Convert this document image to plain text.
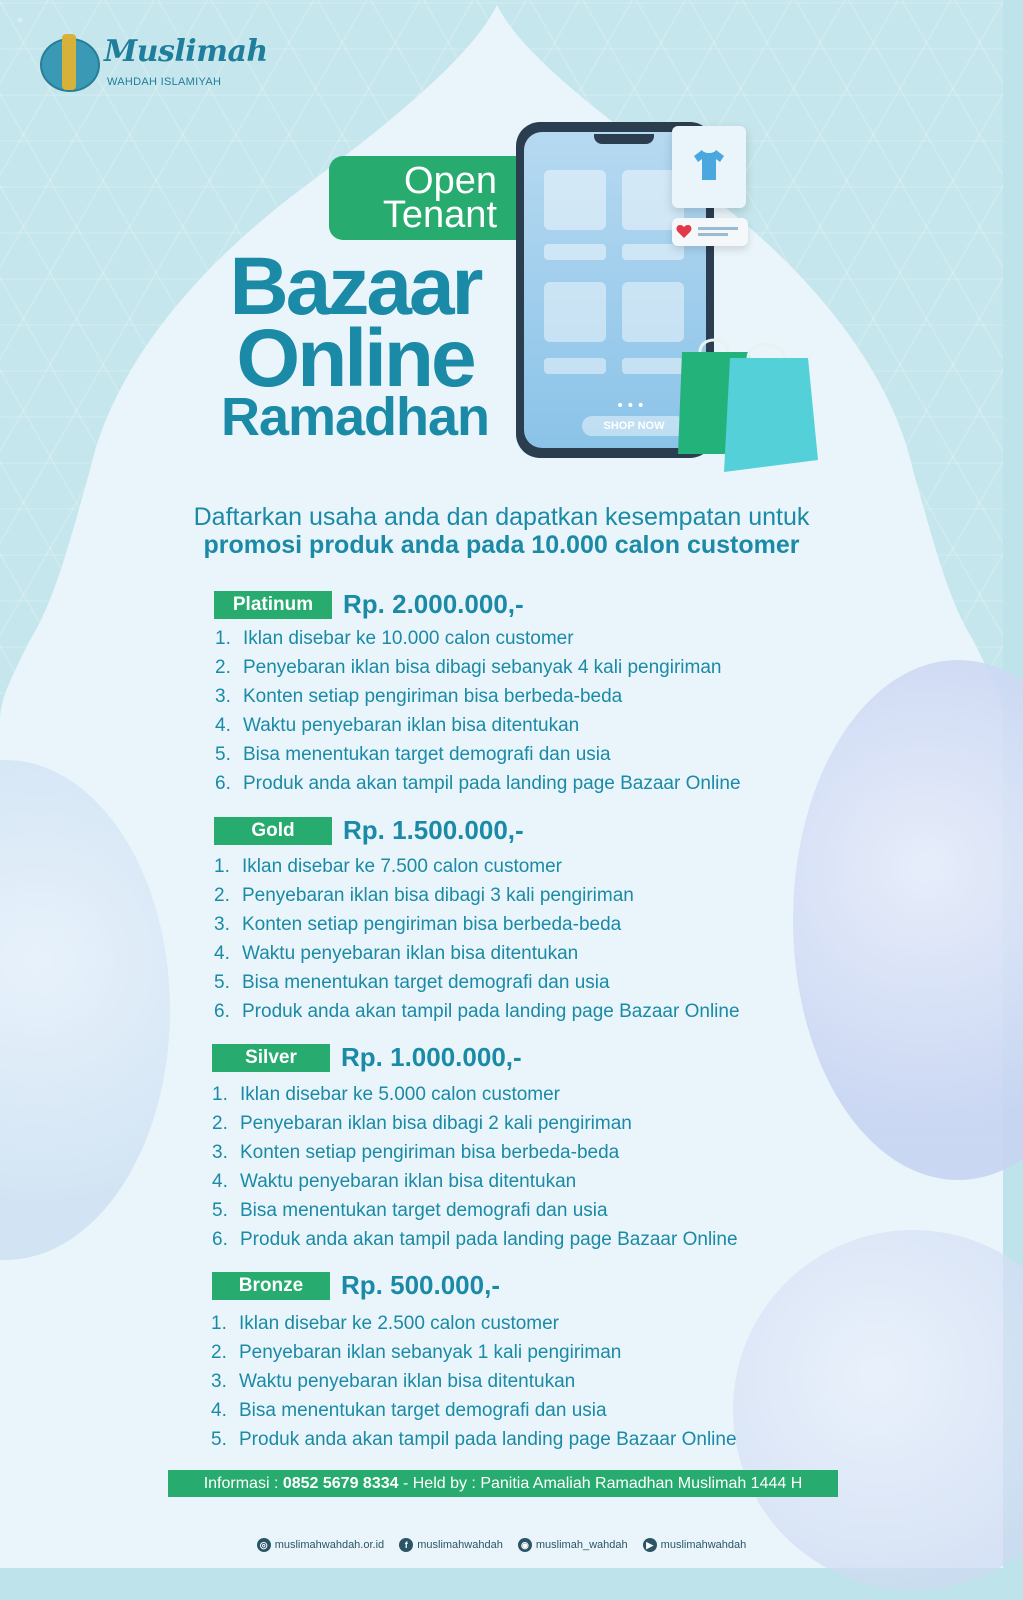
Muslimah
WAHDAH ISLAMIYAH
Open
Tenant
Bazaar
Online
Ramadhan	•••
SHOP NOW
Daftarkan usaha anda dan dapatkan kesempatan untuk
promosi produk anda pada 10.000 calon customer
Platinum	Rp. 2.000.000,-
1. Iklan disebar ke 10.000 calon customer
2. Penyebaran iklan bisa dibagi sebanyak 4 kali pengiriman
3. Konten setiap pengiriman bisa berbeda-beda
4. Waktu penyebaran iklan bisa ditentukan
5. Bisa menentukan target demografi dan usia
6. Produk anda akan tampil pada landing page Bazaar Online
Gold	Rp. 1.500.000,-
1. Iklan disebar ke 7.500 calon customer
2. Penyebaran iklan bisa dibagi 3 kali pengiriman
3. Konten setiap pengiriman bisa berbeda-beda
4. Waktu penyebaran iklan bisa ditentukan
5. Bisa menentukan target demografi dan usia
6. Produk anda akan tampil pada landing page Bazaar Online
Silver	Rp. 1.000.000,-
1. Iklan disebar ke 5.000 calon customer
2. Penyebaran iklan bisa dibagi 2 kali pengiriman
3. Konten setiap pengiriman bisa berbeda-beda
4. Waktu penyebaran iklan bisa ditentukan
5. Bisa menentukan target demografi dan usia
6. Produk anda akan tampil pada landing page Bazaar Online
Bronze	Rp. 500.000,-
1. Iklan disebar ke 2.500 calon customer
2. Penyebaran iklan sebanyak 1 kali pengiriman
3. Waktu penyebaran iklan bisa ditentukan
4. Bisa menentukan target demografi dan usia
5. Produk anda akan tampil pada landing page Bazaar Online
Informasi : 0852 5679 8334 - Held by : Panitia Amaliah Ramadhan Muslimah 1444 H
◎ muslimahwahdah.or.id
	f muslimahwahdah
	◉ muslimah_wahdah
	▶ muslimahwahdah
